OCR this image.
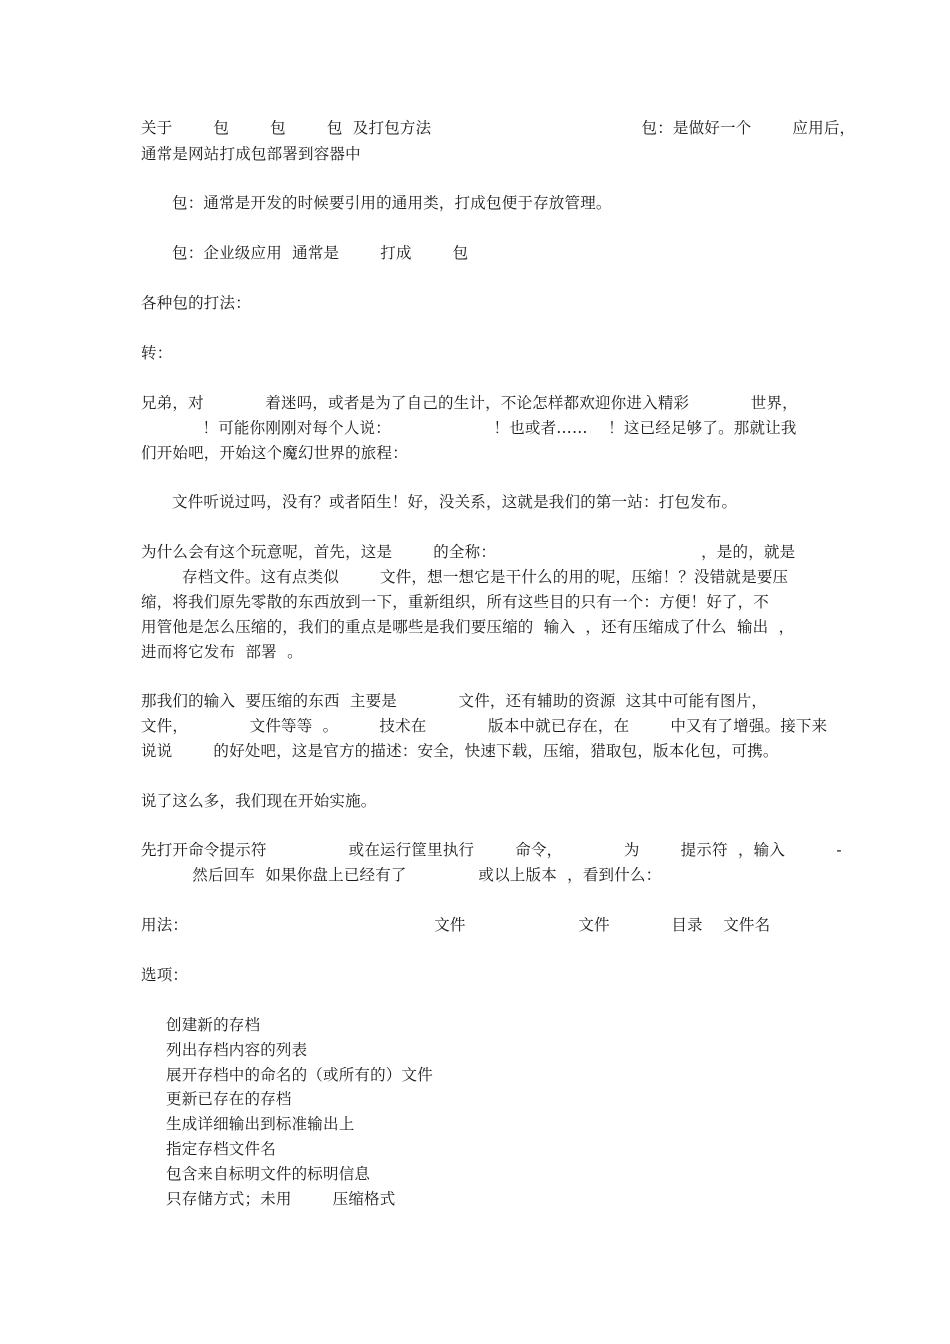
关于        包        包        包  及打包方法                                         包：是做好一个        应用后，
通常是网站打成包部署到容器中
包：通常是开发的时候要引用的通用类，打成包便于存放管理。
包：企业级应用  通常是        打成        包
各种包的打法：
转：
兄弟，对            着迷吗，或者是为了自己的生计，不论怎样都欢迎你进入精彩            世界，
！可能你刚刚对每个人说：                    ！也或者……    ！这已经足够了。那就让我
们开始吧，开始这个魔幻世界的旅程：
文件听说过吗，没有？或者陌生！好，没关系，这就是我们的第一站：打包发布。
为什么会有这个玩意呢，首先，这是        的全称：                                        ，是的，就是
存档文件。这有点类似        文件，想一想它是干什么的用的呢，压缩！？没错就是要压
缩，将我们原先零散的东西放到一下，重新组织，所有这些目的只有一个：方便！好了，不
用管他是怎么压缩的，我们的重点是哪些是我们要压缩的  输入  ，还有压缩成了什么  输出  ，
进而将它发布  部署  。
那我们的输入  要压缩的东西  主要是            文件，还有辅助的资源  这其中可能有图片，
文件，            文件等等  。        技术在            版本中就已存在，在        中又有了增强。接下来
说说        的好处吧，这是官方的描述：安全，快速下载，压缩，猎取包，版本化包，可携。
说了这么多，我们现在开始实施。
先打开命令提示符                或在运行筐里执行        命令，            为        提示符  ，输入          -
然后回车  如果你盘上已经有了              或以上版本  ，看到什么：
用法：                                                文件                      文件            目录    文件名
选项：
创建新的存档
列出存档内容的列表
展开存档中的命名的（或所有的）文件
更新已存在的存档
生成详细输出到标准输出上
指定存档文件名
包含来自标明文件的标明信息
只存储方式；未用        压缩格式
